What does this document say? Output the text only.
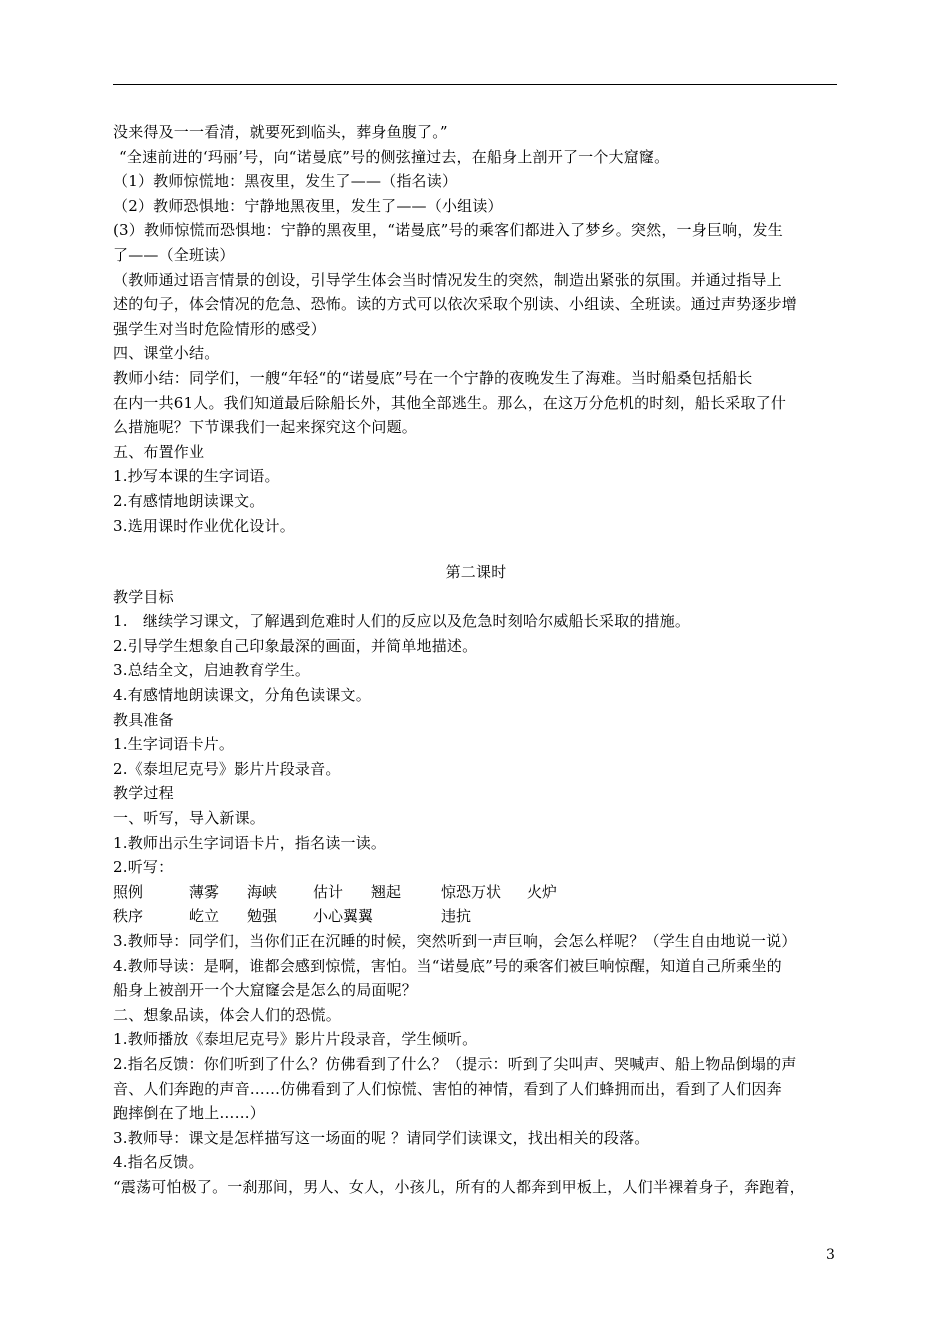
没来得及一一看清，就要死到临头，葬身鱼腹了。”
“全速前进的‘玛丽’号，向“诺曼底”号的侧弦撞过去，在船身上剖开了一个大窟窿。
（1）教师惊慌地：黑夜里，发生了——（指名读）
（2）教师恐惧地：宁静地黑夜里，发生了——（小组读）
(3）教师惊慌而恐惧地：宁静的黑夜里，“诺曼底”号的乘客们都进入了梦乡。突然，一身巨响，发生
了——（全班读）
（教师通过语言情景的创设，引导学生体会当时情况发生的突然，制造出紧张的氛围。并通过指导上
述的句子，体会情况的危急、恐怖。读的方式可以依次采取个别读、小组读、全班读。通过声势逐步增
强学生对当时危险情形的感受）
四、课堂小结。
教师小结：同学们，一艘“年轻“的“诺曼底”号在一个宁静的夜晚发生了海难。当时船桑包括船长
在内一共61人。我们知道最后除船长外，其他全部逃生。那么，在这万分危机的时刻，船长采取了什
么措施呢？下节课我们一起来探究这个问题。
五、布置作业
1.抄写本课的生字词语。
2.有感情地朗读课文。
3.选用课时作业优化设计。
第二课时
教学目标
1.　继续学习课文，了解遇到危难时人们的反应以及危急时刻哈尔威船长采取的措施。
2.引导学生想象自己印象最深的画面，并简单地描述。
3.总结全文，启迪教育学生。
4.有感情地朗读课文，分角色读课文。
教具准备
1.生字词语卡片。
2.《泰坦尼克号》影片片段录音。
教学过程
一、听写，导入新课。
1.教师出示生字词语卡片，指名读一读。
2.听写：
照例	薄雾	海峡	估计	翘起	惊恐万状	火炉
秩序	屹立	勉强	小心翼翼		违抗	
3.教师导：同学们，当你们正在沉睡的时候，突然听到一声巨响，会怎么样呢？（学生自由地说一说）
4.教师导读：是啊，谁都会感到惊慌，害怕。当“诺曼底”号的乘客们被巨响惊醒，知道自己所乘坐的
船身上被剖开一个大窟窿会是怎么的局面呢？
二、想象品读，体会人们的恐慌。
1.教师播放《泰坦尼克号》影片片段录音，学生倾听。
2.指名反馈：你们听到了什么？仿佛看到了什么？（提示：听到了尖叫声、哭喊声、船上物品倒塌的声
音、人们奔跑的声音……仿佛看到了人们惊慌、害怕的神情，看到了人们蜂拥而出，看到了人们因奔
跑摔倒在了地上……）
3.教师导：课文是怎样描写这一场面的呢 ？请同学们读课文，找出相关的段落。
4.指名反馈。
“震荡可怕极了。一刹那间，男人、女人，小孩儿，所有的人都奔到甲板上，人们半裸着身子，奔跑着，
3
